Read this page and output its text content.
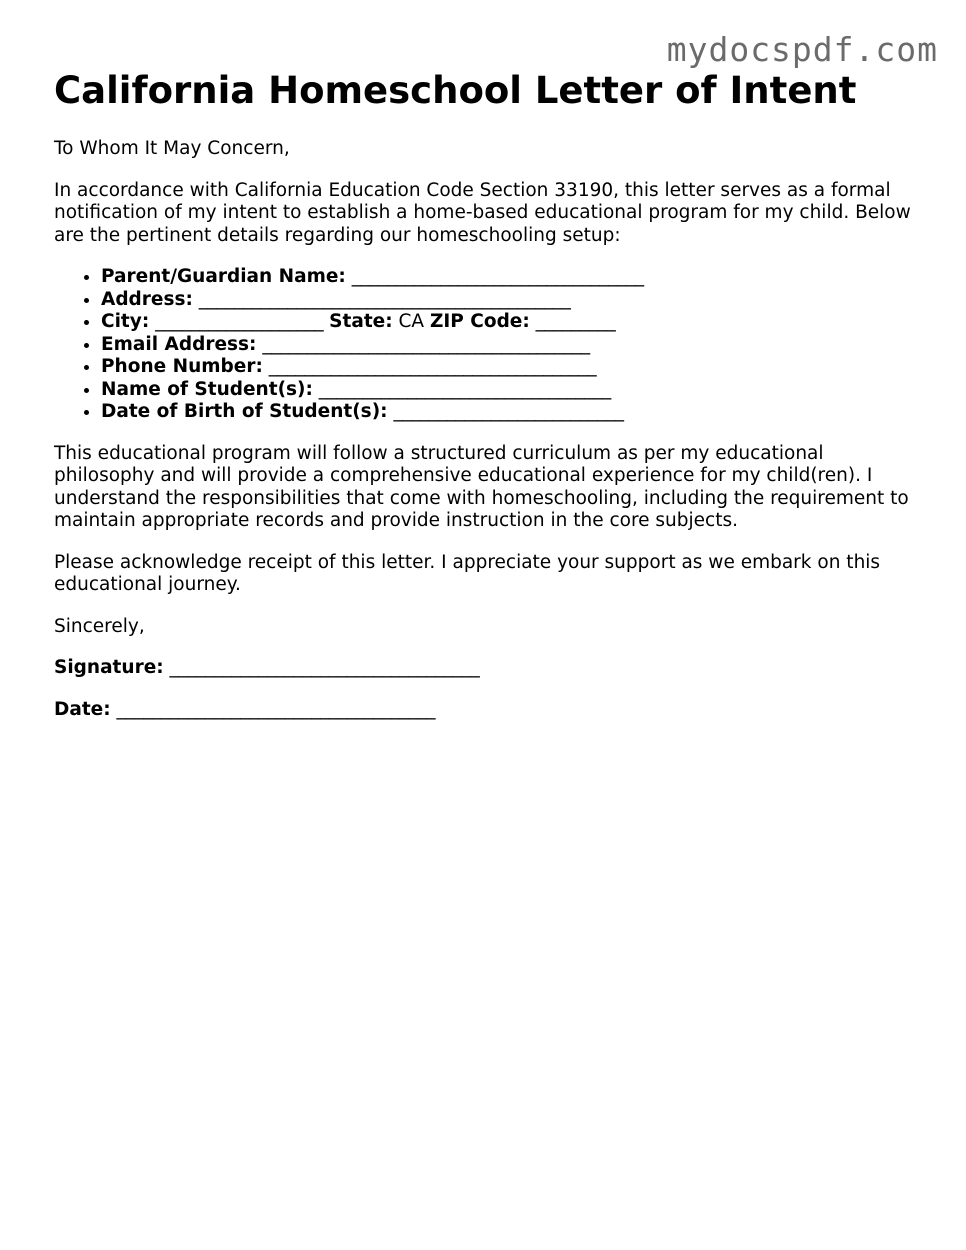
mydocspdf.com
California Homeschool Letter of Intent

To Whom It May Concern,

In accordance with California Education Code Section 33190, this letter serves as a formal notification of my intent to establish a home-based educational program for my child. Below are the pertinent details regarding our homeschooling setup:

• Parent/Guardian Name: _________________________________
• Address: __________________________________________
• City: ___________________ State: CA ZIP Code: _________
• Email Address: _____________________________________
• Phone Number: _____________________________________
• Name of Student(s): _________________________________
• Date of Birth of Student(s): __________________________

This educational program will follow a structured curriculum as per my educational philosophy and will provide a comprehensive educational experience for my child(ren). I understand the responsibilities that come with homeschooling, including the requirement to maintain appropriate records and provide instruction in the core subjects.

Please acknowledge receipt of this letter. I appreciate your support as we embark on this educational journey.

Sincerely,

Signature: ___________________________________
Date: ____________________________________
